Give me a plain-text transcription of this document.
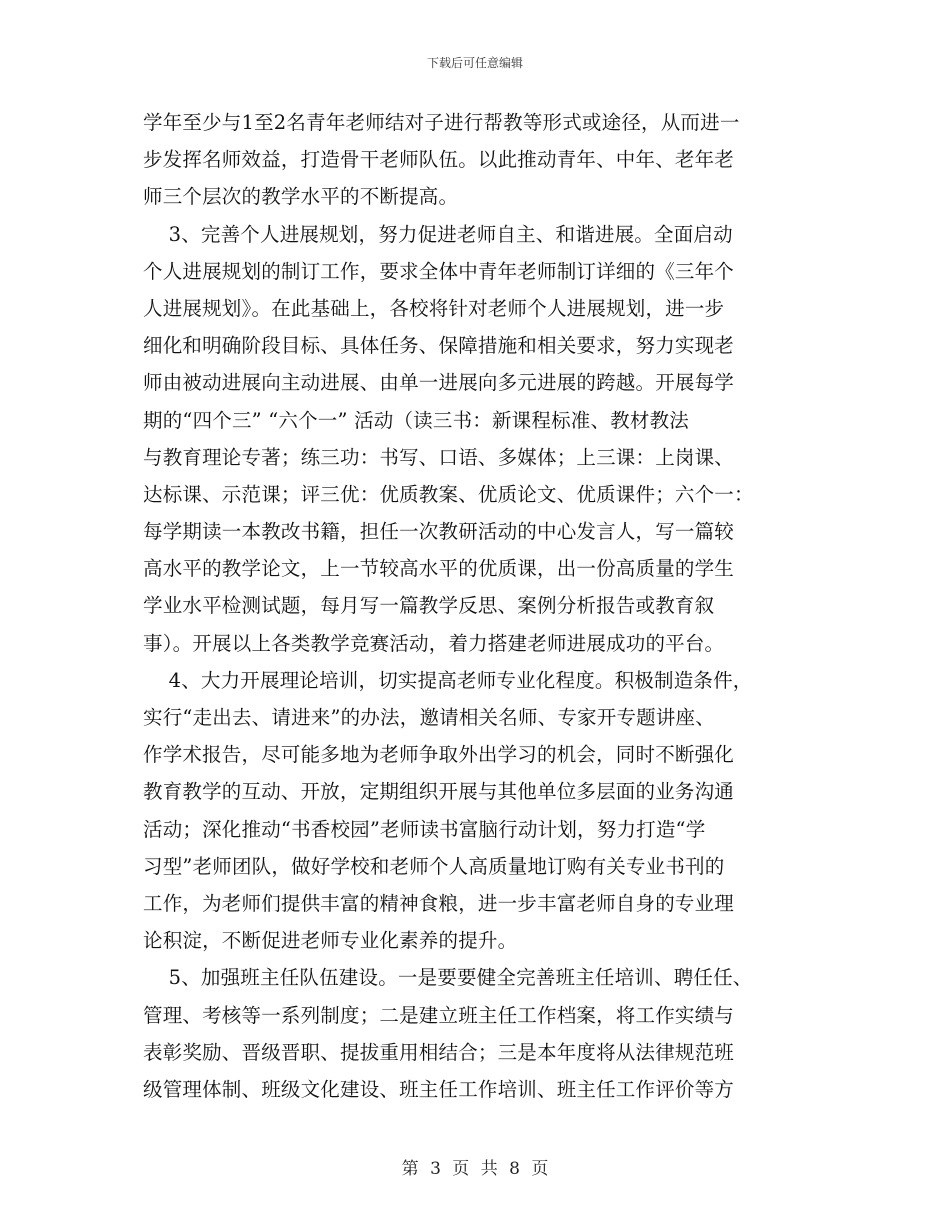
下载后可任意编辑
学年至少与1至2名青年老师结对子进行帮教等形式或途径，从而进一
步发挥名师效益，打造骨干老师队伍。以此推动青年、中年、老年老
师三个层次的教学水平的不断提高。
3、完善个人进展规划，努力促进老师自主、和谐进展。全面启动
个人进展规划的制订工作，要求全体中青年老师制订详细的《三年个
人进展规划》。在此基础上，各校将针对老师个人进展规划，进一步
细化和明确阶段目标、具体任务、保障措施和相关要求，努力实现老
师由被动进展向主动进展、由单一进展向多元进展的跨越。开展每学
期的“四个三” “六个一” 活动（读三书：新课程标准、教材教法
与教育理论专著；练三功：书写、口语、多媒体；上三课：上岗课、
达标课、示范课；评三优：优质教案、优质论文、优质课件；六个一：
每学期读一本教改书籍，担任一次教研活动的中心发言人，写一篇较
高水平的教学论文，上一节较高水平的优质课，出一份高质量的学生
学业水平检测试题，每月写一篇教学反思、案例分析报告或教育叙
事）。开展以上各类教学竞赛活动，着力搭建老师进展成功的平台。
4、大力开展理论培训，切实提高老师专业化程度。积极制造条件，
实行“走出去、请进来”的办法，邀请相关名师、专家开专题讲座、
作学术报告，尽可能多地为老师争取外出学习的机会，同时不断强化
教育教学的互动、开放，定期组织开展与其他单位多层面的业务沟通
活动；深化推动“书香校园”老师读书富脑行动计划，努力打造“学
习型”老师团队，做好学校和老师个人高质量地订购有关专业书刊的
工作，为老师们提供丰富的精神食粮，进一步丰富老师自身的专业理
论积淀，不断促进老师专业化素养的提升。
5、加强班主任队伍建设。一是要要健全完善班主任培训、聘任任、
管理、考核等一系列制度；二是建立班主任工作档案，将工作实绩与
表彰奖励、晋级晋职、提拔重用相结合；三是本年度将从法律规范班
级管理体制、班级文化建设、班主任工作培训、班主任工作评价等方
第 3 页 共 8 页
